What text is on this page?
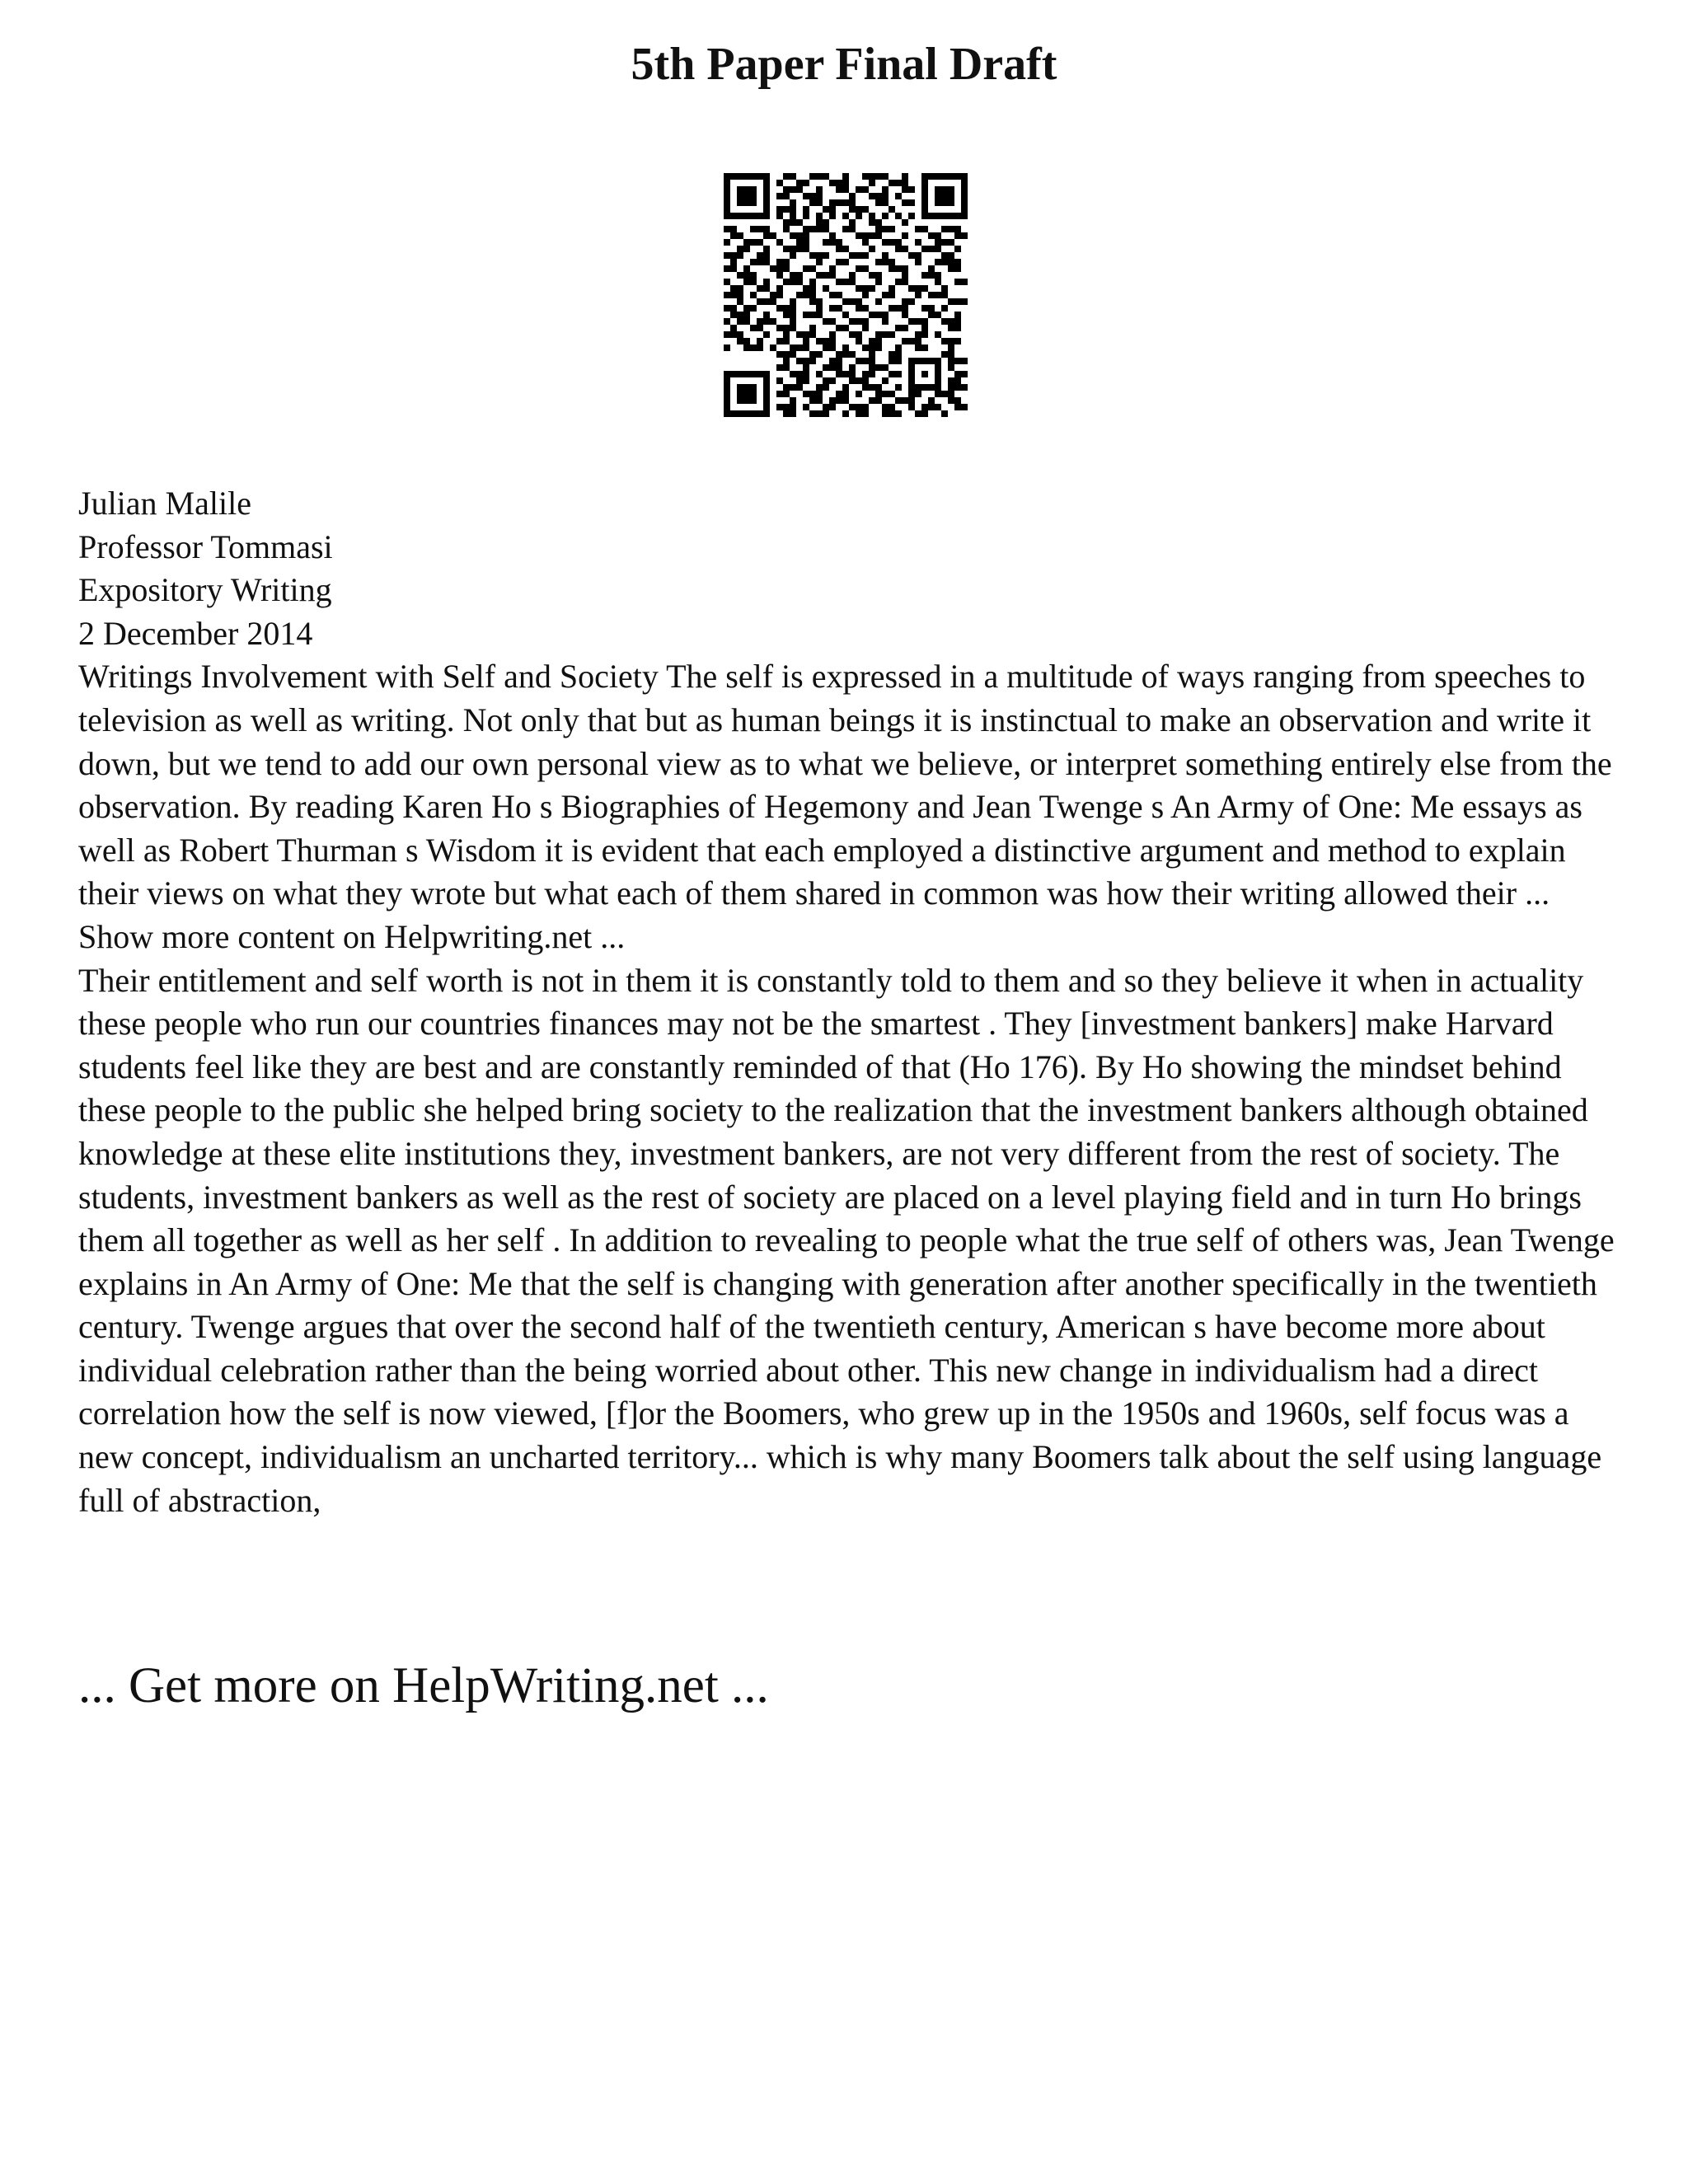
5th Paper Final Draft
Julian Malile
Professor Tommasi
Expository Writing
2 December 2014

Writings Involvement with Self and Society The self is expressed in a multitude of ways ranging from speeches to television as well as writing. Not only that but as human beings it is instinctual to make an observation and write it down, but we tend to add our own personal view as to what we believe, or interpret something entirely else from the observation. By reading Karen Ho s Biographies of Hegemony and Jean Twenge s An Army of One: Me essays as well as Robert Thurman s Wisdom it is evident that each employed a distinctive argument and method to explain their views on what they wrote but what each of them shared in common was how their writing allowed their ... Show more content on Helpwriting.net ...

Their entitlement and self worth is not in them it is constantly told to them and so they believe it when in actuality these people who run our countries finances may not be the smartest . They [investment bankers] make Harvard students feel like they are best and are constantly reminded of that (Ho 176). By Ho showing the mindset behind these people to the public she helped bring society to the realization that the investment bankers although obtained knowledge at these elite institutions they, investment bankers, are not very different from the rest of society. The students, investment bankers as well as the rest of society are placed on a level playing field and in turn Ho brings them all together as well as her self . In addition to revealing to people what the true self of others was, Jean Twenge explains in An Army of One: Me that the self is changing with generation after another specifically in the twentieth century. Twenge argues that over the second half of the twentieth century, American s have become more about individual celebration rather than the being worried about other. This new change in individualism had a direct correlation how the self is now viewed, [f]or the Boomers, who grew up in the 1950s and 1960s, self focus was a new concept, individualism an uncharted territory... which is why many Boomers talk about the self using language full of abstraction,

... Get more on HelpWriting.net ...
